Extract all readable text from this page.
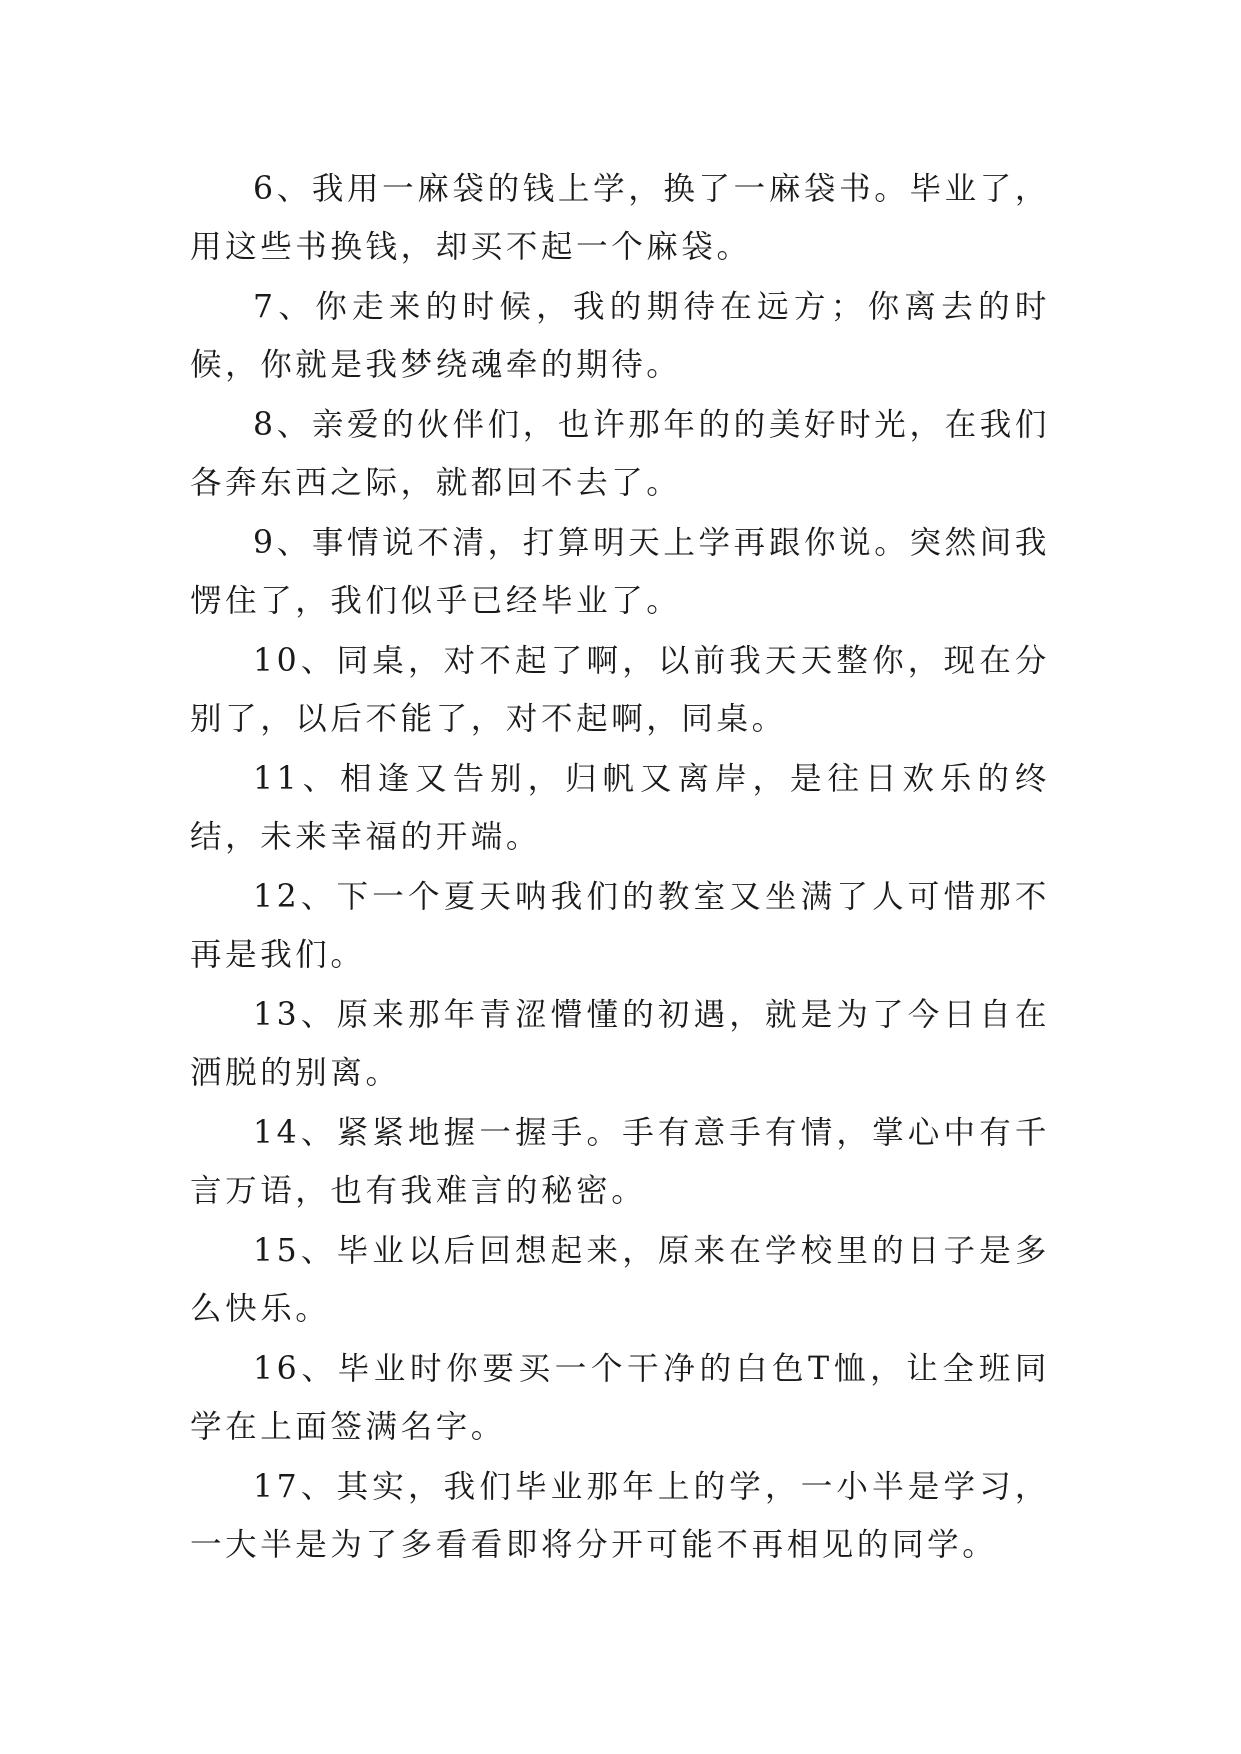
6、我用一麻袋的钱上学，换了一麻袋书。毕业了，用这些书换钱，却买不起一个麻袋。

7、你走来的时候，我的期待在远方；你离去的时候，你就是我梦绕魂牵的期待。

8、亲爱的伙伴们，也许那年的的美好时光，在我们各奔东西之际，就都回不去了。

9、事情说不清，打算明天上学再跟你说。突然间我愣住了，我们似乎已经毕业了。

10、同桌，对不起了啊，以前我天天整你，现在分别了，以后不能了，对不起啊，同桌。

11、相逢又告别，归帆又离岸，是往日欢乐的终结，未来幸福的开端。

12、下一个夏天呐我们的教室又坐满了人可惜那不再是我们。

13、原来那年青涩懵懂的初遇，就是为了今日自在洒脱的别离。

14、紧紧地握一握手。手有意手有情，掌心中有千言万语，也有我难言的秘密。

15、毕业以后回想起来，原来在学校里的日子是多么快乐。

16、毕业时你要买一个干净的白色T恤，让全班同学在上面签满名字。

17、其实，我们毕业那年上的学，一小半是学习，一大半是为了多看看即将分开可能不再相见的同学。
